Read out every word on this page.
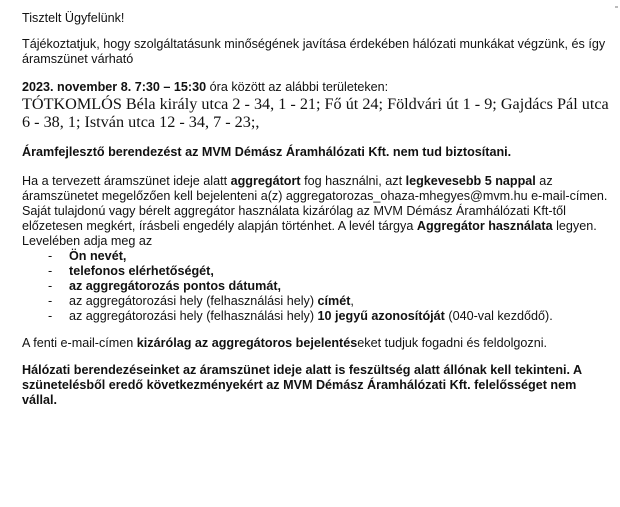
Tisztelt Ügyfelünk!

Tájékoztatjuk, hogy szolgáltatásunk minőségének javítása érdekében hálózati munkákat végzünk, és így áramszünet várható

2023. november 8. 7:30 – 15:30 óra között az alábbi területeken:

TÓTKOMLÓS Béla király utca 2 - 34, 1 - 21; Fő út 24; Földvári út 1 - 9; Gajdács Pál utca 6 - 38, 1; István utca 12 - 34, 7 - 23;,

Áramfejlesztő berendezést az MVM Démász Áramhálózati Kft. nem tud biztosítani.

Ha a tervezett áramszünet ideje alatt aggregátort fog használni, azt legkevesebb 5 nappal az áramszünetet megelőzően kell bejelenteni a(z) aggregatorozas_ohaza-mhegyes@mvm.hu e-mail-címen.

Saját tulajdonú vagy bérelt aggregátor használata kizárólag az MVM Démász Áramhálózati Kft-től előzetesen megkért, írásbeli engedély alapján történhet. A levél tárgya Aggregátor használata legyen. Levelében adja meg az

- Ön nevét,
- telefonos elérhetőségét,
- az aggregátorozás pontos dátumát,
- az aggregátorozási hely (felhasználási hely) címét,
- az aggregátorozási hely (felhasználási hely) 10 jegyű azonosítóját (040-val kezdődő).

A fenti e-mail-címen kizárólag az aggregátoros bejelentéseket tudjuk fogadni és feldolgozni.

Hálózati berendezéseinket az áramszünet ideje alatt is feszültség alatt állónak kell tekinteni. A szünetelésből eredő következményekért az MVM Démász Áramhálózati Kft. felelősséget nem vállal.
